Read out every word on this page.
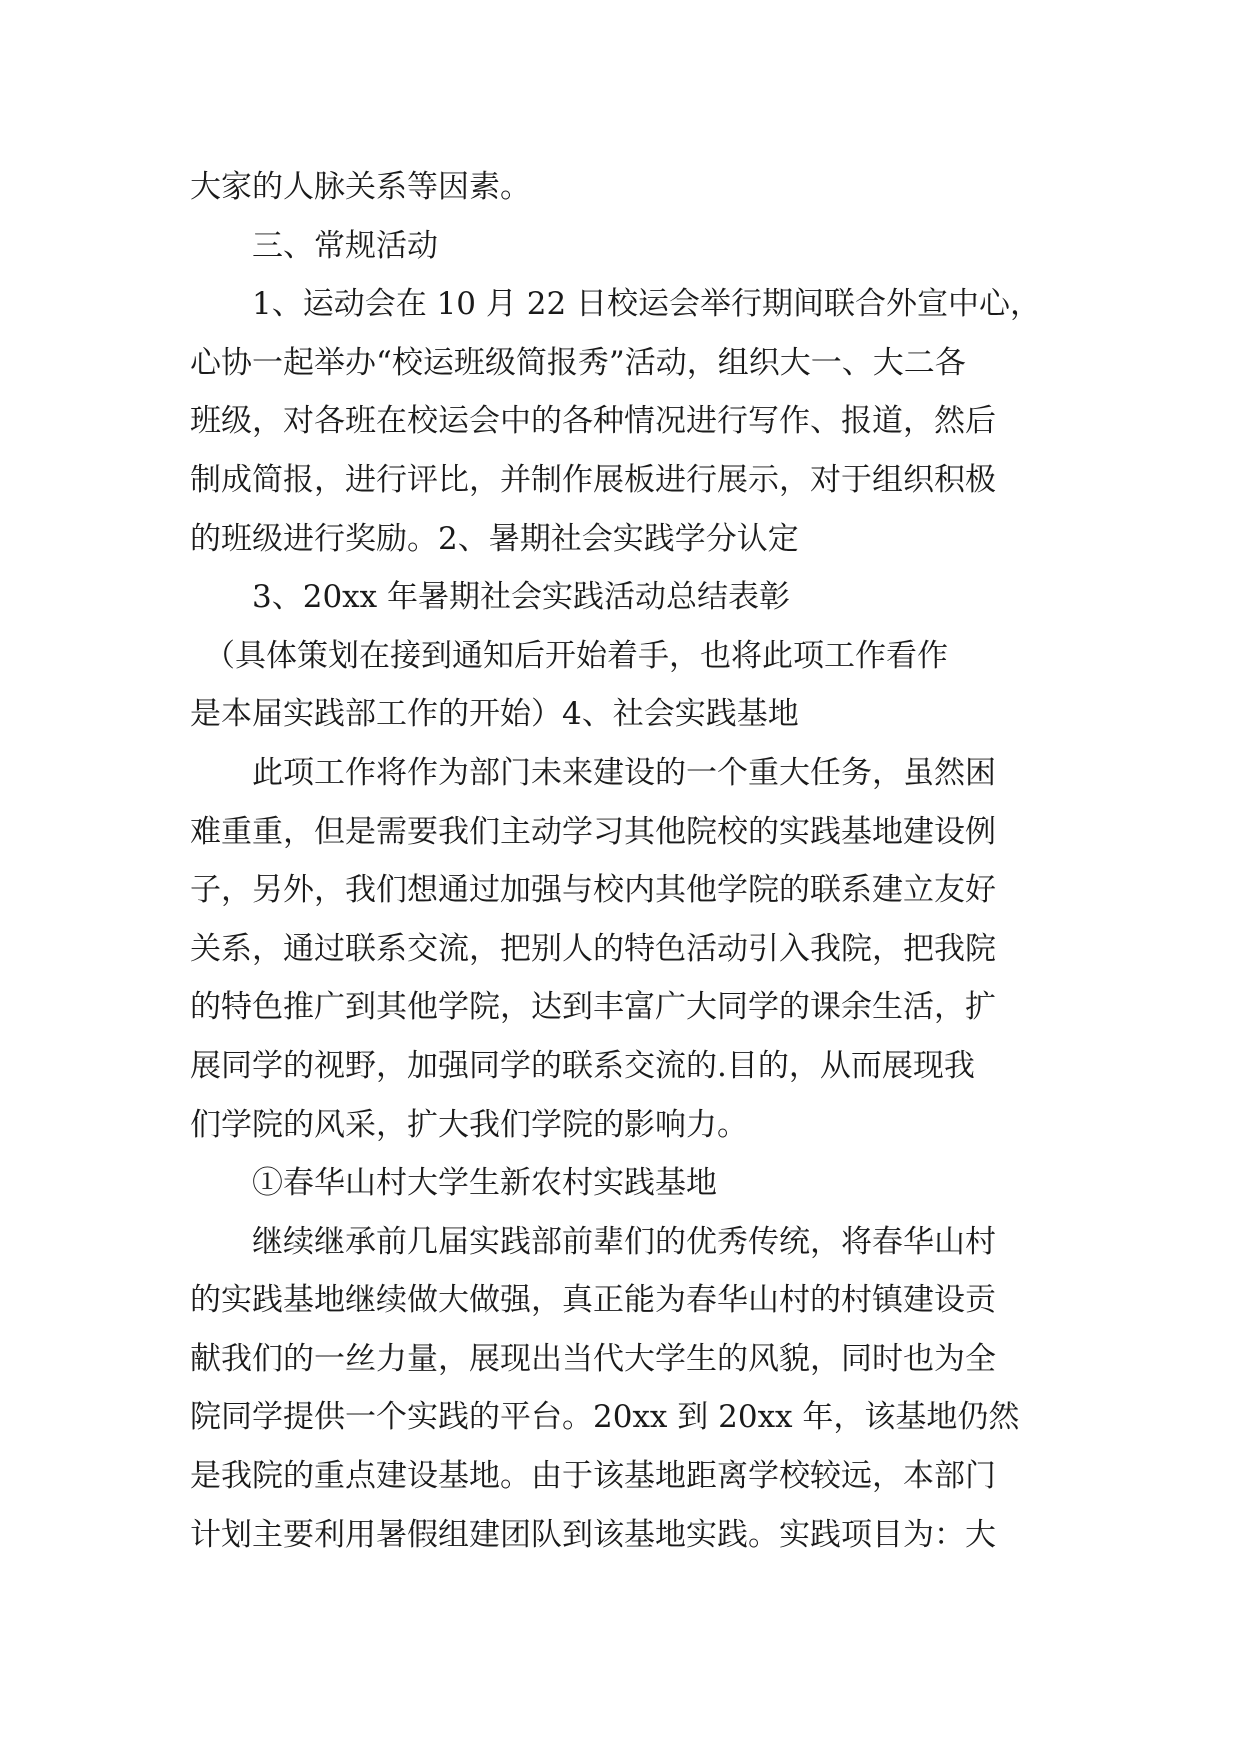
大家的人脉关系等因素。
三、常规活动
1、运动会在 10 月 22 日校运会举行期间联合外宣中心，
心协一起举办“校运班级简报秀”活动，组织大一、大二各
班级，对各班在校运会中的各种情况进行写作、报道，然后
制成简报，进行评比，并制作展板进行展示，对于组织积极
的班级进行奖励。2、暑期社会实践学分认定
3、20xx 年暑期社会实践活动总结表彰
（具体策划在接到通知后开始着手，也将此项工作看作
是本届实践部工作的开始）4、社会实践基地
此项工作将作为部门未来建设的一个重大任务，虽然困
难重重，但是需要我们主动学习其他院校的实践基地建设例
子，另外，我们想通过加强与校内其他学院的联系建立友好
关系，通过联系交流，把别人的特色活动引入我院，把我院
的特色推广到其他学院，达到丰富广大同学的课余生活，扩
展同学的视野，加强同学的联系交流的.目的，从而展现我
们学院的风采，扩大我们学院的影响力。
①春华山村大学生新农村实践基地
继续继承前几届实践部前辈们的优秀传统，将春华山村
的实践基地继续做大做强，真正能为春华山村的村镇建设贡
献我们的一丝力量，展现出当代大学生的风貌，同时也为全
院同学提供一个实践的平台。20xx 到 20xx 年，该基地仍然
是我院的重点建设基地。由于该基地距离学校较远，本部门
计划主要利用暑假组建团队到该基地实践。实践项目为：大
